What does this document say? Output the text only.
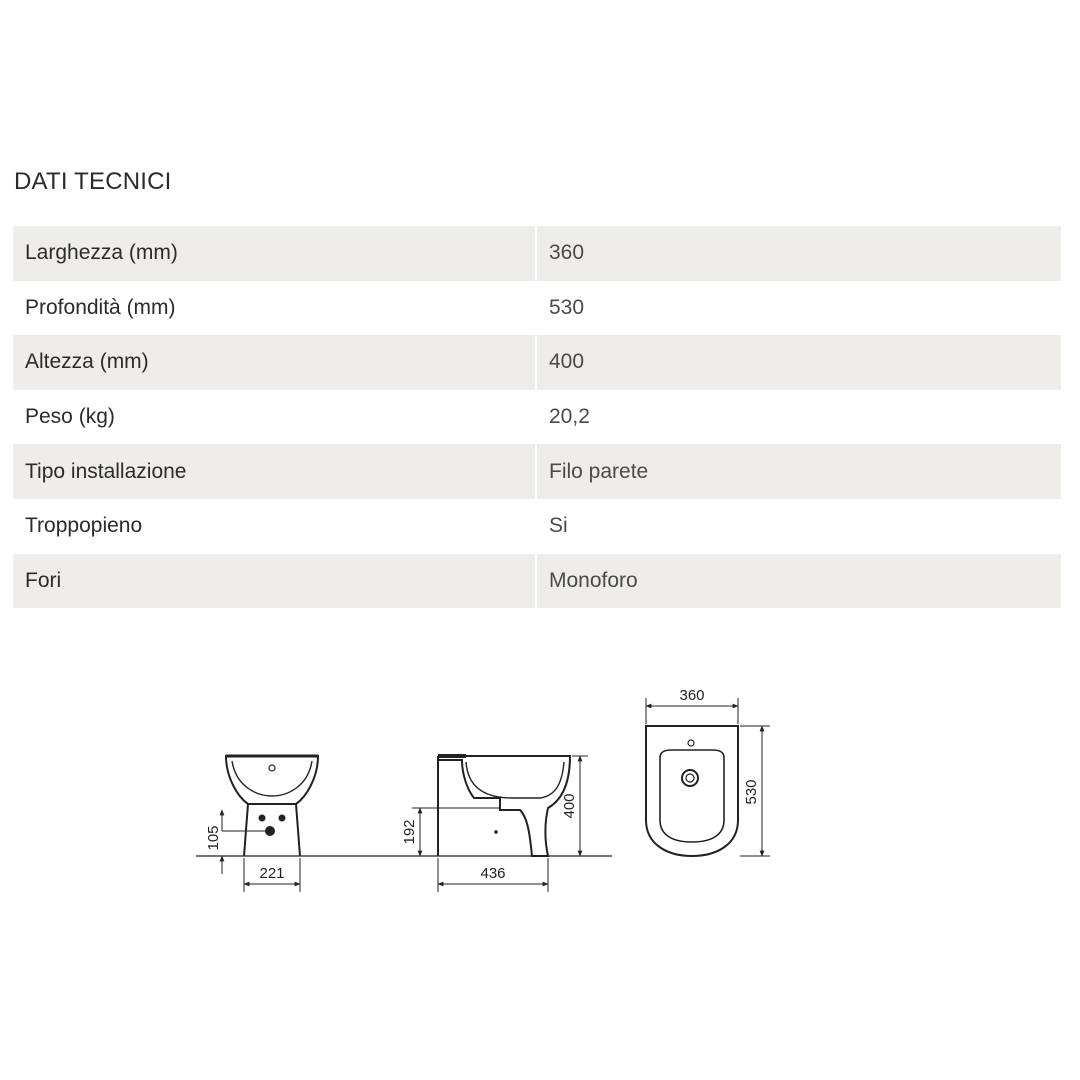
DATI TECNICI
Larghezza (mm)	360
Profondità (mm)	530
Altezza (mm)	400
Peso (kg)	20,2
Tipo installazione	Filo parete
Troppopieno	Si
Fori	Monoforo
105
221
192
400
436
360
530
